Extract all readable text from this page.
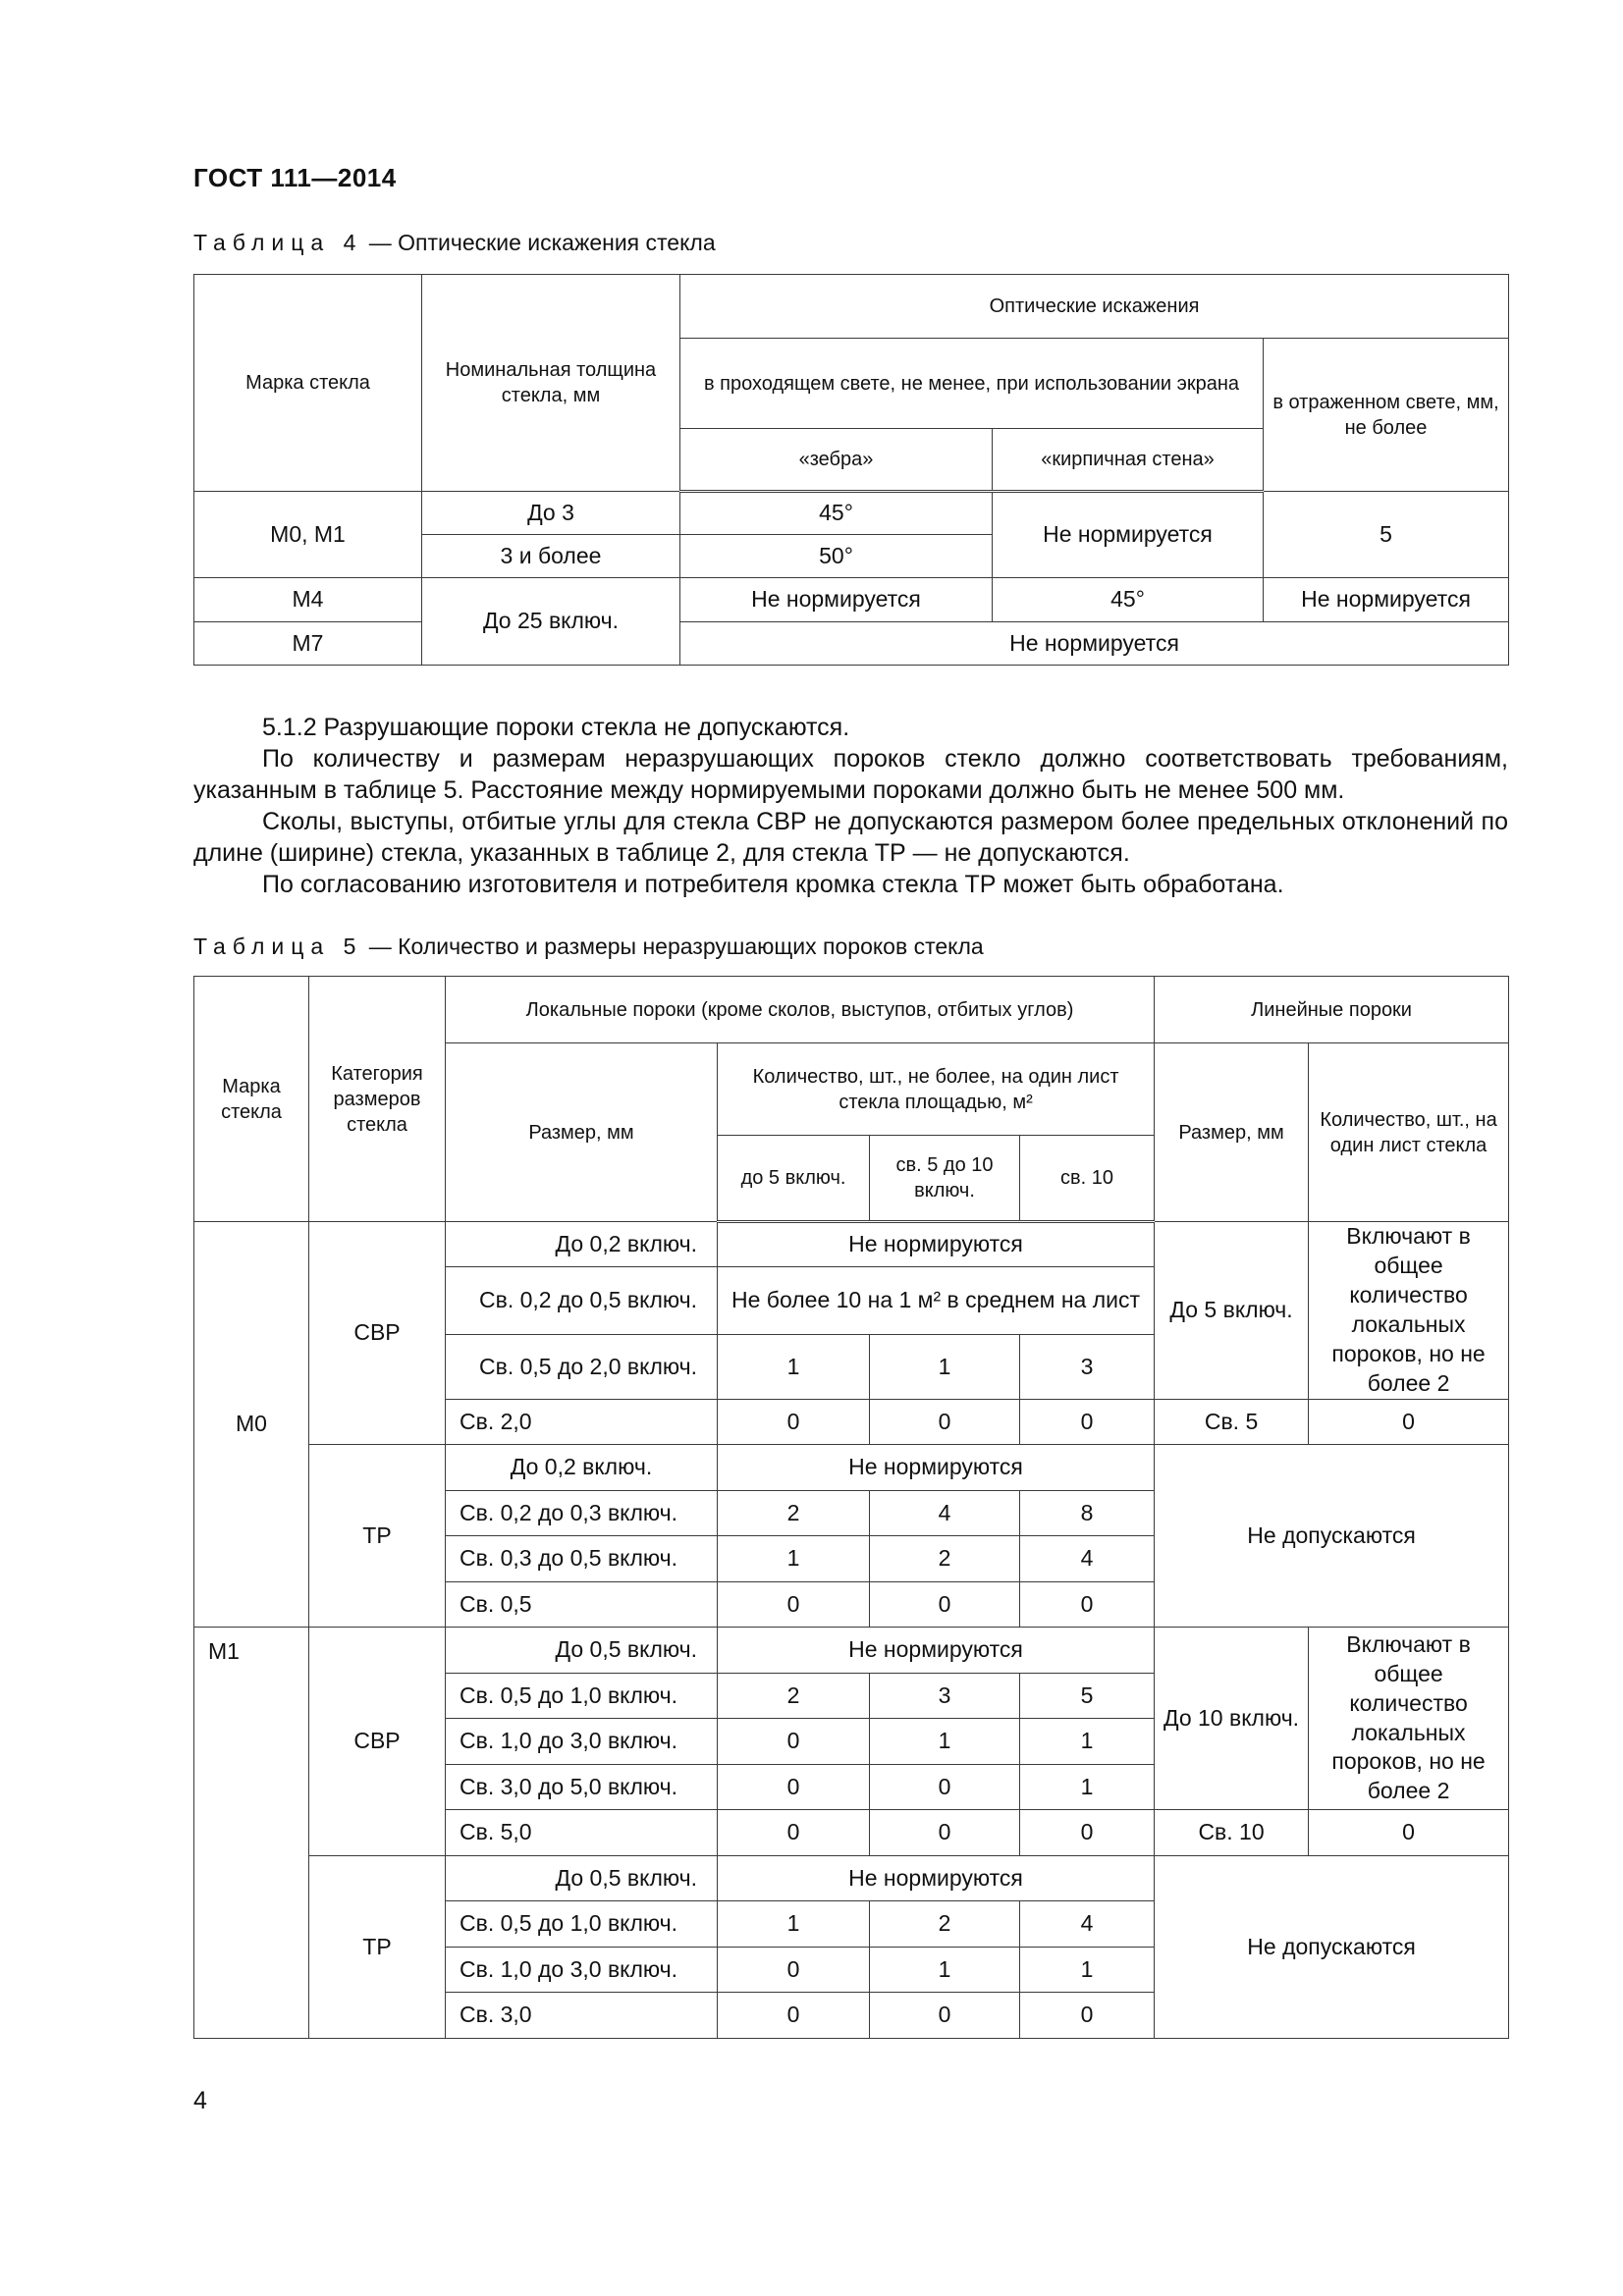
ГОСТ 111—2014
Таблица 4 — Оптические искажения стекла
Марка стекла	Номинальная толщина стекла, мм	Оптические искажения		
		в проходящем свете, не менее, при использовании экрана		в отраженном свете, мм, не более
		«зебра»	«кирпичная стена»	
М0, М1	До 3	45°	Не нормируется	5
	3 и более	50°		
М4	До 25 включ.	Не нормируется	45°	Не нормируется
М7		Не нормируется		

5.1.2 Разрушающие пороки стекла не допускаются.

По количеству и размерам неразрушающих пороков стекло должно соответствовать требованиям, указанным в таблице 5. Расстояние между нормируемыми пороками должно быть не менее 500 мм.

Сколы, выступы, отбитые углы для стекла СВР не допускаются размером более предельных отклонений по длине (ширине) стекла, указанных в таблице 2, для стекла ТР — не допускаются.

По согласованию изготовителя и потребителя кромка стекла ТР может быть обработана.

Таблица 5 — Количество и размеры неразрушающих пороков стекла
Марка стекла	Категория размеров стекла	Локальные пороки (кроме сколов, выступов, отбитых углов)				Линейные пороки	
		Размер, мм	Количество, шт., не более, на один лист стекла площадью, м²			Размер, мм	Количество, шт., на один лист стекла
			до 5 включ.	св. 5 до 10 включ.	св. 10		
М0	СВР	До 0,2 включ.	Не нормируются			До 5 включ.	Включают в общее количество локальных пороков, но не более 2
		Св. 0,2 до 0,5 включ.	Не более 10 на 1 м² в среднем на лист				
		Св. 0,5 до 2,0 включ.	1	1	3		
		Св. 2,0	0	0	0	Св. 5	0
	ТР	До 0,2 включ.	Не нормируются			Не допускаются	
		Св. 0,2 до 0,3 включ.	2	4	8		
		Св. 0,3 до 0,5 включ.	1	2	4		
		Св. 0,5	0	0	0		
М1	СВР	До 0,5 включ.	Не нормируются			До 10 включ.	Включают в общее количество локальных пороков, но не более 2
		Св. 0,5 до 1,0 включ.	2	3	5		
		Св. 1,0 до 3,0 включ.	0	1	1		
		Св. 3,0 до 5,0 включ.	0	0	1		
		Св. 5,0	0	0	0	Св. 10	0
	ТР	До 0,5 включ.	Не нормируются			Не допускаются	
		Св. 0,5 до 1,0 включ.	1	2	4		
		Св. 1,0 до 3,0 включ.	0	1	1		
		Св. 3,0	0	0	0		
4
